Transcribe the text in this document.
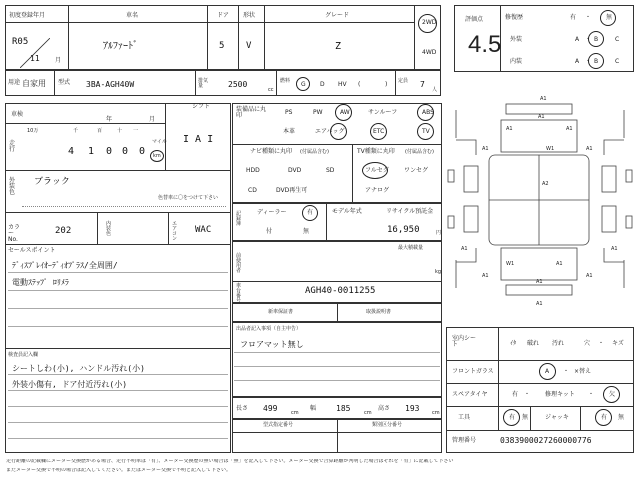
初度登録年月
R05
11	月
車名
ｱﾙﾌｧｰﾄﾞ
ドア
5
形状
V
グレード
Z
2WD
4WD
用途 自家用 型式 3BA-AGH40W	排気量	2500
cc
燃料 G D HV (	) 定員 7
人
評価点
4.5
修復歴	有 ・ 無
外装	A ・ B	C
内装	A ・ B	C
車検
年	月
シフト
I A I
走行
10万	千	百	十 一
4 1 0 0 0
マイル
km
外装色
ブラック
色替車に〇をつけて下さい
カラーNo.
202
内装色
エアコン
WAC
セールスポイント
ﾃﾞｨｽﾌﾟﾚｲｵｰﾃﾞｨｵﾌﾟﾗｽ/全周囲/
電動ｽﾃｯﾌﾟ ﾛﾘﾒﾗ
検査員記入欄
シートしわ(小), ハンドル汚れ(小)
外装小傷有, ドア付近汚れ(小)
装備品に丸印	PS	PW	AW	サンルーフ	ABS
本革	エアバッグ	ETC	TV
ナビ種類に丸印 (付属品含む)
HDD	DVD	SD
CD	DVD再生可
TV種類に丸印 (付属品含む)
フルセグ	ワンセグ
アナログ
記録簿
ディーラー	有
付	無
モデル年式	リサイクル預託金
16,950	円
最大積載量
kg
前使用者
車台番号
AGH40-0011255
新車保証書	取扱説明書
出品者記入事項（自主申告）
フロアマット無し
長さ 499	cm
幅 185	cm
高さ 193	cm
型式指定番号	類別区分番号
A1
A1
A1	A1
A1	A1
A2
W1
A1	A1
W1	A1
A1
A1
A1	A1
室内シート	ｲﾀ 破れ 汚れ	穴 ・ キズ
フロントガラス	A ・ ×替え
スペアタイヤ	有 ・ 修理キット ・ 欠
工具	有 無	ジャッキ	有 無
管理番号	0383900027260000776
走行距離の記載欄にメーター交換歴がある場合、走行不明車は「有」、メーター交換歴の無い場合は「無」を記入して下さい。メーター交換で合算距離が判明した場合はそれを「有」に記載して下さい
またメーター交換で不明の場合は記入してください。またはメーター交換で不明と記入して下さい。
